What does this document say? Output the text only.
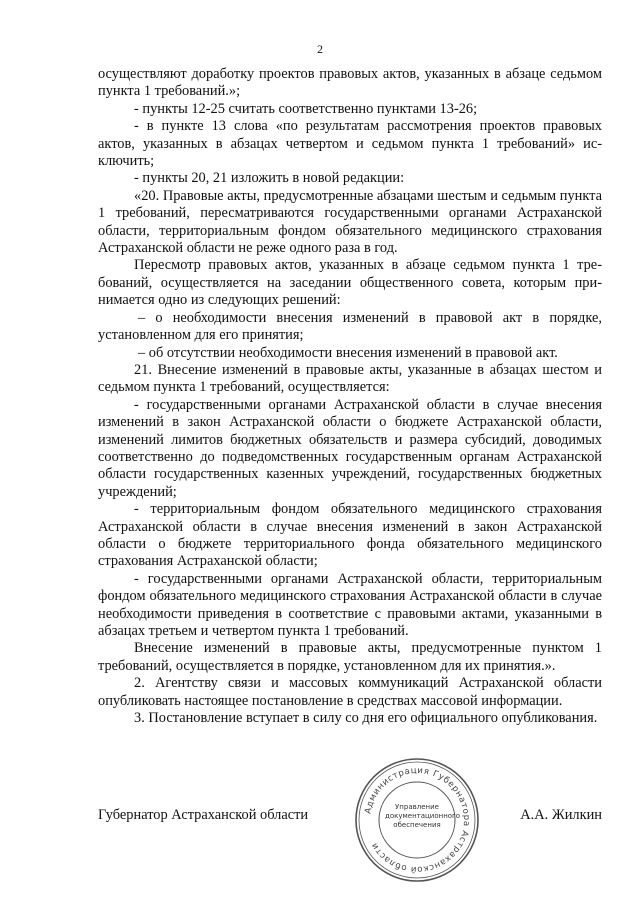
2

осуществляют доработку проектов правовых актов, указанных в абзаце седьмом пункта 1 требований.»;

- пункты 12-25 считать соответственно пунктами 13-26;

- в пункте 13 слова «по результатам рассмотрения проектов правовых актов, указанных в абзацах четвертом и седьмом пункта 1 требований» исключить;

- пункты 20, 21 изложить в новой редакции:

«20. Правовые акты, предусмотренные абзацами шестым и седьмым пункта 1 требований, пересматриваются государственными органами Астраханской области, территориальным фондом обязательного медицинского страхования Астраханской области не реже одного раза в год.

Пересмотр правовых актов, указанных в абзаце седьмом пункта 1 требований, осуществляется на заседании общественного совета, которым принимается одно из следующих решений:

– о необходимости внесения изменений в правовой акт в порядке, установленном для его принятия;

– об отсутствии необходимости внесения изменений в правовой акт.

21. Внесение изменений в правовые акты, указанные в абзацах шестом и седьмом пункта 1 требований, осуществляется:

- государственными органами Астраханской области в случае внесения изменений в закон Астраханской области о бюджете Астраханской области, изменений лимитов бюджетных обязательств и размера субсидий, доводимых соответственно до подведомственных государственным органам Астраханской области государственных казенных учреждений, государственных бюджетных учреждений;

- территориальным фондом обязательного медицинского страхования Астраханской области в случае внесения изменений в закон Астраханской области о бюджете территориального фонда обязательного медицинского страхования Астраханской области;

- государственными органами Астраханской области, территориальным фондом обязательного медицинского страхования Астраханской области в случае необходимости приведения в соответствие с правовыми актами, указанными в абзацах третьем и четвертом пункта 1 требований.

Внесение изменений в правовые акты, предусмотренные пунктом 1 требований, осуществляется в порядке, установленном для их принятия.».

2. Агентству связи и массовых коммуникаций Астраханской области опубликовать настоящее постановление в средствах массовой информации.

3. Постановление вступает в силу со дня его официального опубликования.

Губернатор Астраханской области	А.А. Жилкин
Администрация Губернатора Астраханской области
Управление
документационного
обеспечения
